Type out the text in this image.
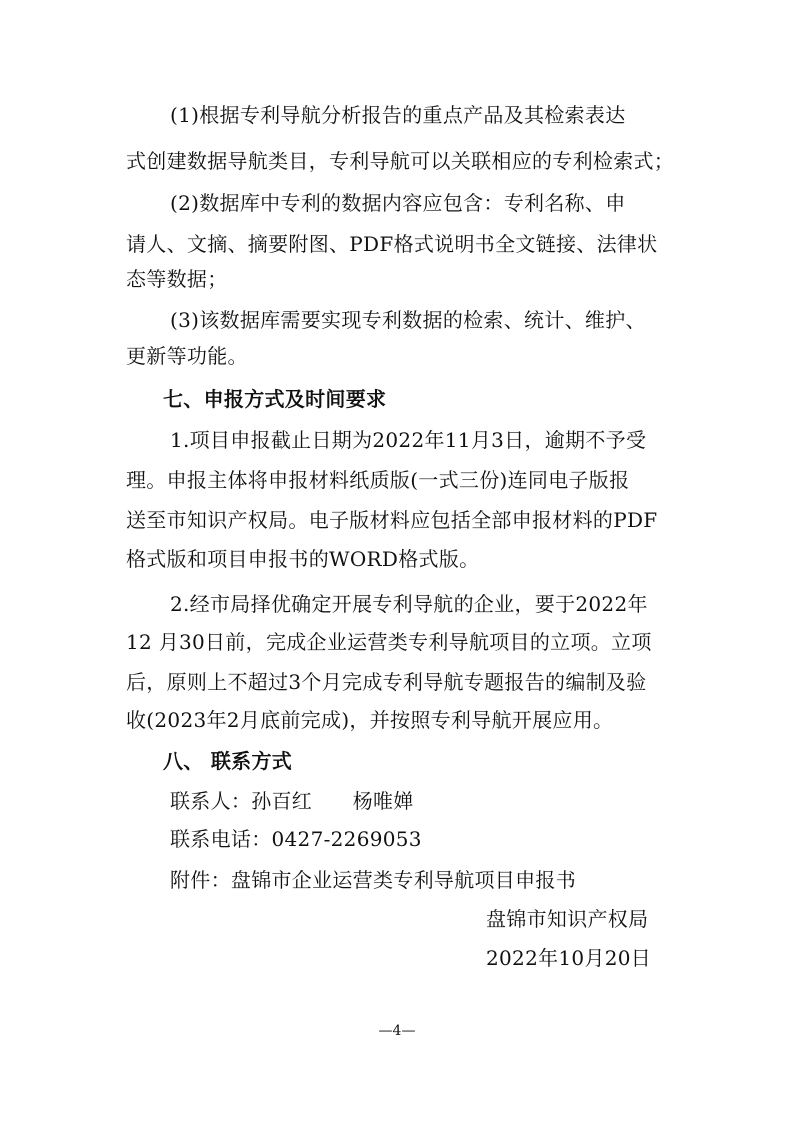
(1)根据专利导航分析报告的重点产品及其检索表达
式创建数据导航类目，专利导航可以关联相应的专利检索式；
(2)数据库中专利的数据内容应包含：专利名称、申
请人、文摘、摘要附图、PDF格式说明书全文链接、法律状
态等数据；
(3)该数据库需要实现专利数据的检索、统计、维护、
更新等功能。
七、申报方式及时间要求
1.项目申报截止日期为2022年11月3日，逾期不予受
理。申报主体将申报材料纸质版(一式三份)连同电子版报
送至市知识产权局。电子版材料应包括全部申报材料的PDF
格式版和项目申报书的WORD格式版。
2.经市局择优确定开展专利导航的企业，要于2022年
12 月30日前，完成企业运营类专利导航项目的立项。立项
后，原则上不超过3个月完成专利导航专题报告的编制及验
收(2023年2月底前完成)，并按照专利导航开展应用。
八、 联系方式
联系人：孙百红　　杨唯婵
联系电话：0427-2269053
附件：盘锦市企业运营类专利导航项目申报书
盘锦市知识产权局
2022年10月20日
—4—
